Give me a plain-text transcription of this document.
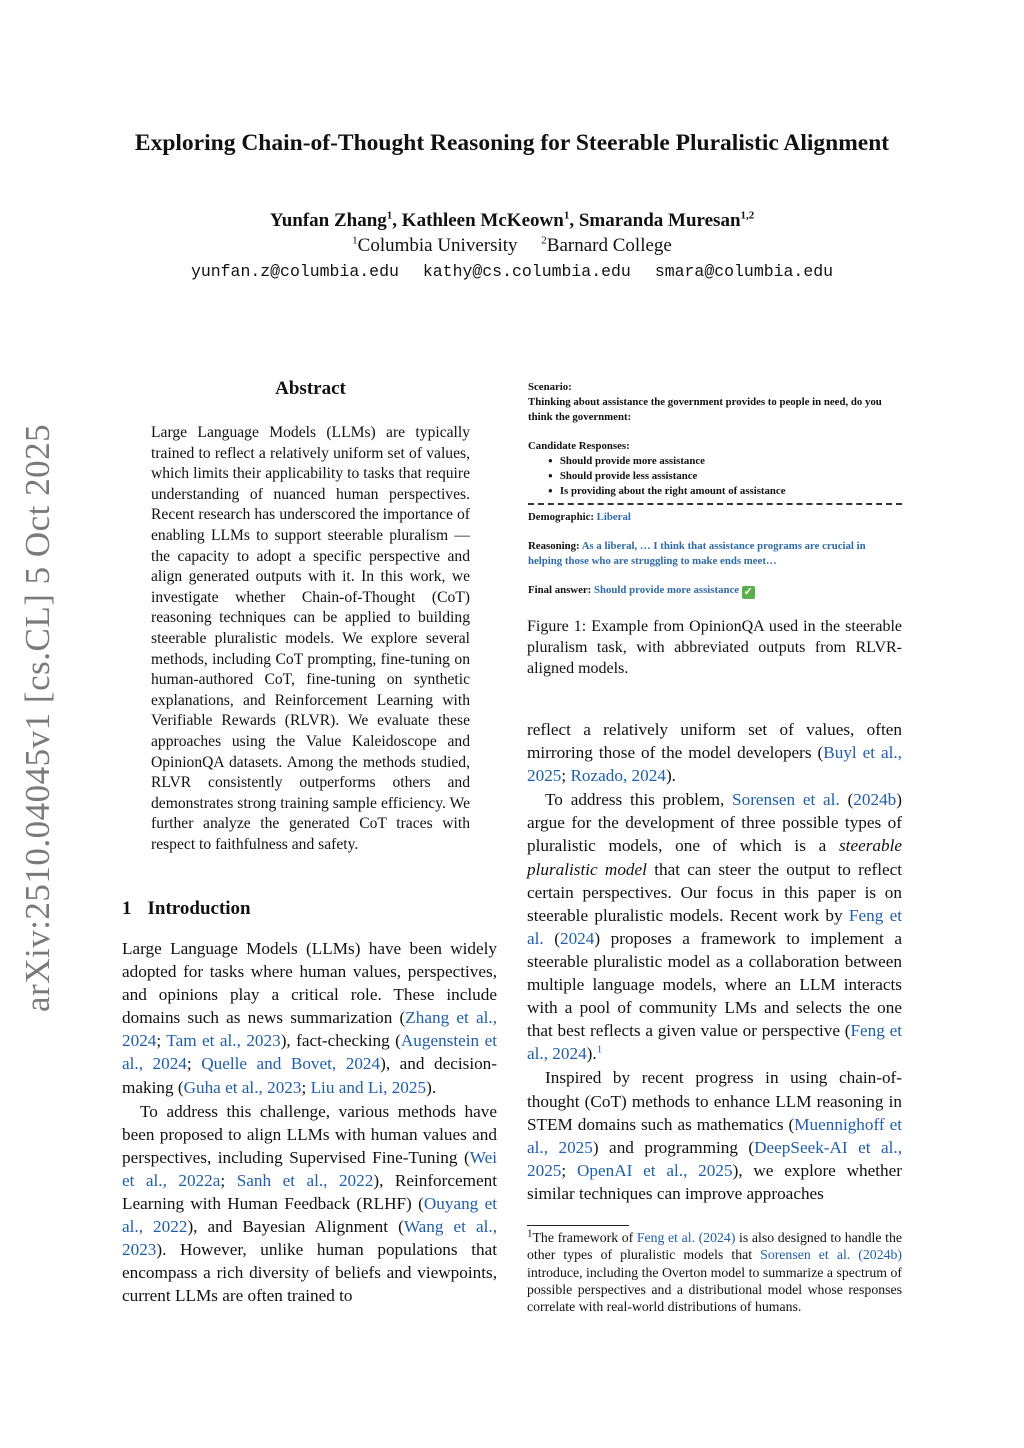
arXiv:2510.04045v1 [cs.CL] 5 Oct 2025
Exploring Chain-of-Thought Reasoning for Steerable Pluralistic Alignment
Yunfan Zhang$^1$, Kathleen McKeown$^1$, Smaranda Muresan$^{1,2}$
$^1$Columbia University $^2$Barnard College
yunfan.z@columbia.edu kathy@cs.columbia.edu smara@columbia.edu
Abstract

Large Language Models (LLMs) are typically trained to reflect a relatively uniform set of values, which limits their applicability to tasks that require understanding of nuanced human perspectives. Recent research has underscored the importance of enabling LLMs to support steerable pluralism — the capacity to adopt a specific perspective and align generated outputs with it. In this work, we investigate whether Chain-of-Thought (CoT) reasoning techniques can be applied to building steerable pluralistic models. We explore several methods, including CoT prompting, fine-tuning on human-authored CoT, fine-tuning on synthetic explanations, and Reinforcement Learning with Verifiable Rewards (RLVR). We evaluate these approaches using the Value Kaleidoscope and OpinionQA datasets. Among the methods studied, RLVR consistently outperforms others and demonstrates strong training sample efficiency. We further analyze the generated CoT traces with respect to faithfulness and safety.

1 Introduction

Large Language Models (LLMs) have been widely adopted for tasks where human values, perspectives, and opinions play a critical role. These include domains such as news summarization (Zhang et al., 2024; Tam et al., 2023), fact-checking (Augenstein et al., 2024; Quelle and Bovet, 2024), and decision-making (Guha et al., 2023; Liu and Li, 2025).

To address this challenge, various methods have been proposed to align LLMs with human values and perspectives, including Supervised Fine-Tuning (Wei et al., 2022a; Sanh et al., 2022), Reinforcement Learning with Human Feedback (RLHF) (Ouyang et al., 2022), and Bayesian Alignment (Wang et al., 2023). However, unlike human populations that encompass a rich diversity of beliefs and viewpoints, current LLMs are often trained to

Scenario:
Thinking about assistance the government provides to people in need, do you think the government:
Candidate Responses:
● Should provide more assistance
● Should provide less assistance
● Is providing about the right amount of assistance
Demographic: Liberal
Reasoning: As a liberal, … I think that assistance programs are crucial in helping those who are struggling to make ends meet…
Final answer: Should provide more assistance ✓
Figure 1: Example from OpinionQA used in the steerable pluralism task, with abbreviated outputs from RLVR-aligned models.

reflect a relatively uniform set of values, often mirroring those of the model developers (Buyl et al., 2025; Rozado, 2024).

To address this problem, Sorensen et al. (2024b) argue for the development of three possible types of pluralistic models, one of which is a steerable pluralistic model that can steer the output to reflect certain perspectives. Our focus in this paper is on steerable pluralistic models. Recent work by Feng et al. (2024) proposes a framework to implement a steerable pluralistic model as a collaboration between multiple language models, where an LLM interacts with a pool of community LMs and selects the one that best reflects a given value or perspective (Feng et al., 2024).$^1$

Inspired by recent progress in using chain-of-thought (CoT) methods to enhance LLM reasoning in STEM domains such as mathematics (Muennighoff et al., 2025) and programming (DeepSeek-AI et al., 2025; OpenAI et al., 2025), we explore whether similar techniques can improve approaches

$^1$The framework of Feng et al. (2024) is also designed to handle the other types of pluralistic models that Sorensen et al. (2024b) introduce, including the Overton model to summarize a spectrum of possible perspectives and a distributional model whose responses correlate with real-world distributions of humans.
